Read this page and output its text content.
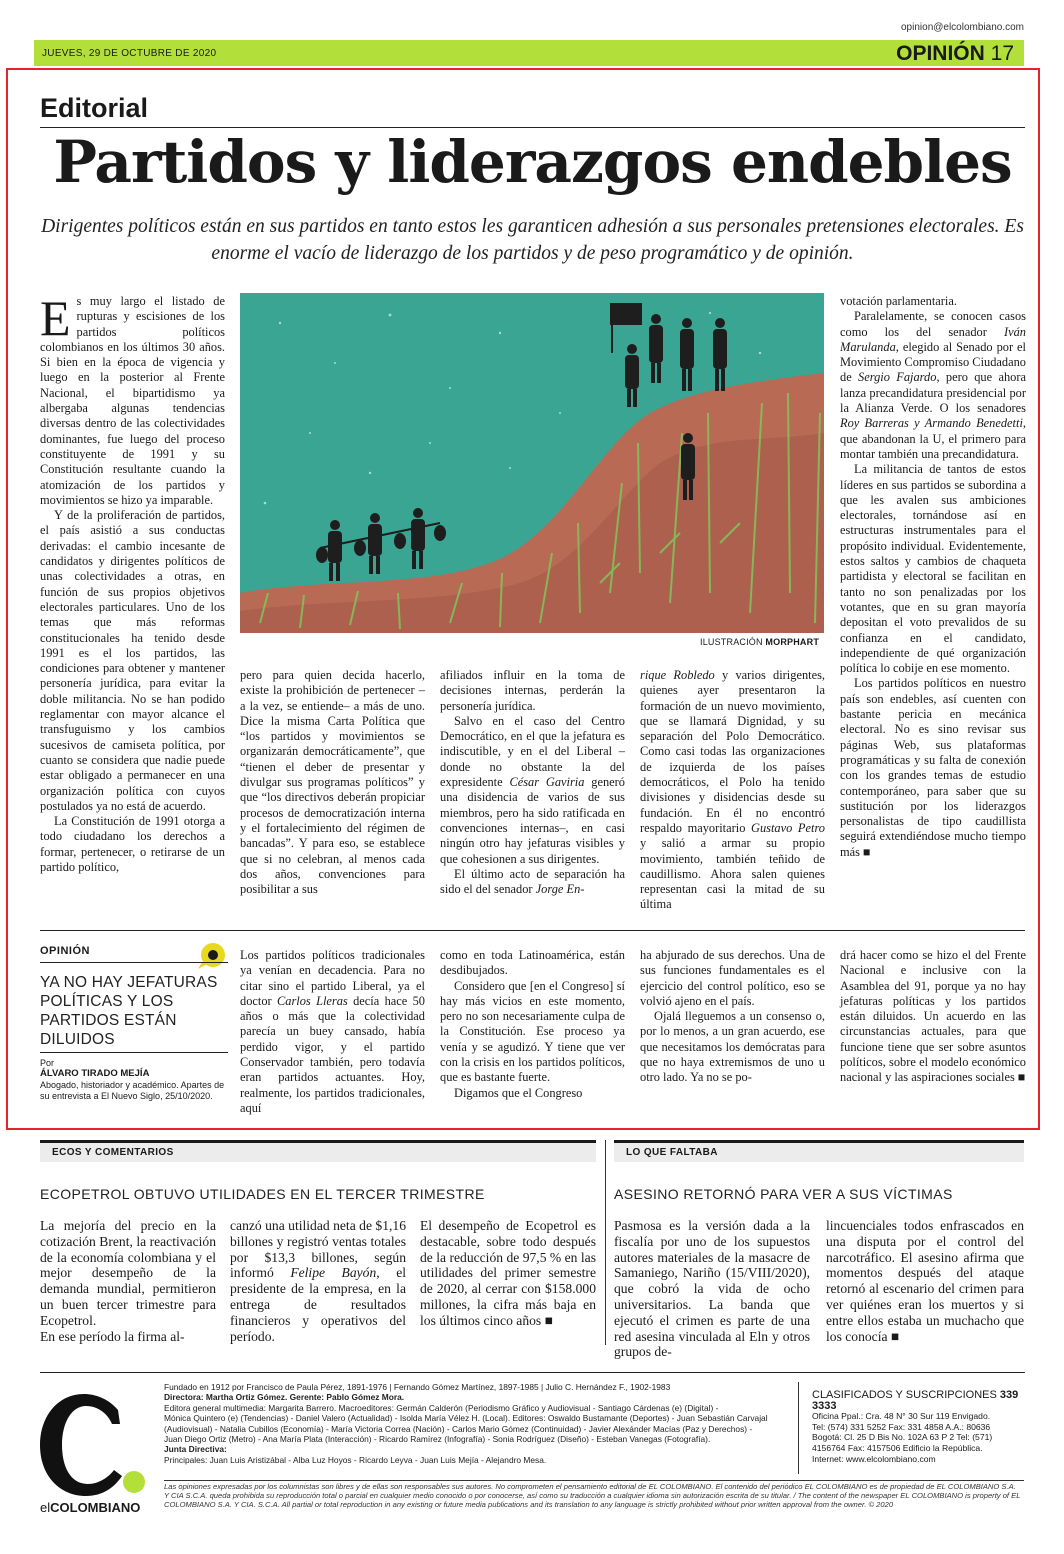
opinion@elcolombiano.com
JUEVES, 29 DE OCTUBRE DE 2020	OPINIÓN 17
Editorial
Partidos y liderazgos endebles
Dirigentes políticos están en sus partidos en tanto estos les garanticen adhesión a sus personales pretensiones electorales. Es enorme el vacío de liderazgo de los partidos y de peso programático y de opinión.

Es muy largo el listado de rupturas y escisiones de los partidos políticos colombianos en los últimos 30 años. Si bien en la época de vigencia y luego en la posterior al Frente Nacional, el bipartidismo ya albergaba algunas tendencias diversas dentro de las colectividades dominantes, fue luego del proceso constituyente de 1991 y su Constitución resultante cuando la atomización de los partidos y movimientos se hizo ya imparable.

Y de la proliferación de partidos, el país asistió a sus conductas derivadas: el cambio incesante de candidatos y dirigentes políticos de unas colectividades a otras, en función de sus propios objetivos electorales particulares. Uno de los temas que más reformas constitucionales ha tenido desde 1991 es el los partidos, las condiciones para obtener y mantener personería jurídica, para evitar la doble militancia. No se han podido reglamentar con mayor alcance el transfuguismo y los cambios sucesivos de camiseta política, por cuanto se considera que nadie puede estar obligado a permanecer en una organización política con cuyos postulados ya no está de acuerdo.

La Constitución de 1991 otorga a todo ciudadano los derechos a formar, pertenecer, o retirarse de un partido político,

ILUSTRACIÓN MORPHART

pero para quien decida hacerlo, existe la prohibición de pertenecer –a la vez, se entiende– a más de uno. Dice la misma Carta Política que “los partidos y movimientos se organizarán democráticamente”, que “tienen el deber de presentar y divulgar sus programas políticos” y que “los directivos deberán propiciar procesos de democratización interna y el fortalecimiento del régimen de bancadas”. Y para eso, se establece que si no celebran, al menos cada dos años, convenciones para posibilitar a sus

afiliados influir en la toma de decisiones internas, perderán la personería jurídica.

Salvo en el caso del Centro Democrático, en el que la jefatura es indiscutible, y en el del Liberal –donde no obstante la del expresidente César Gaviria generó una disidencia de varios de sus miembros, pero ha sido ratificada en convenciones internas–, en casi ningún otro hay jefaturas visibles y que cohesionen a sus dirigentes.

El último acto de separación ha sido el del senador Jorge En-

rique Robledo y varios dirigentes, quienes ayer presentaron la formación de un nuevo movimiento, que se llamará Dignidad, y su separación del Polo Democrático. Como casi todas las organizaciones de izquierda de los países democráticos, el Polo ha tenido divisiones y disidencias desde su fundación. En él no encontró respaldo mayoritario Gustavo Petro y salió a armar su propio movimiento, también teñido de caudillismo. Ahora salen quienes representan casi la mitad de su última

votación parlamentaria.

Paralelamente, se conocen casos como los del senador Iván Marulanda, elegido al Senado por el Movimiento Compromiso Ciudadano de Sergio Fajardo, pero que ahora lanza precandidatura presidencial por la Alianza Verde. O los senadores Roy Barreras y Armando Benedetti, que abandonan la U, el primero para montar también una precandidatura.

La militancia de tantos de estos líderes en sus partidos se subordina a que les avalen sus ambiciones electorales, tornándose así en estructuras instrumentales para el propósito individual. Evidentemente, estos saltos y cambios de chaqueta partidista y electoral se facilitan en tanto no son penalizadas por los votantes, que en su gran mayoría depositan el voto prevalidos de su confianza en el candidato, independiente de qué organización política lo cobije en ese momento.

Los partidos políticos en nuestro país son endebles, así cuenten con bastante pericia en mecánica electoral. No es sino revisar sus páginas Web, sus plataformas programáticas y su falta de conexión con los grandes temas de estudio contemporáneo, para saber que su sustitución por los liderazgos personalistas de tipo caudillista seguirá extendiéndose mucho tiempo más ■

OPINIÓN
YA NO HAY JEFATURAS POLÍTICAS Y LOS PARTIDOS ESTÁN DILUIDOS
Por
ÁLVARO TIRADO MEJÍA
Abogado, historiador y académico. Apartes de su entrevista a El Nuevo Siglo, 25/10/2020.

Los partidos políticos tradicionales ya venían en decadencia. Para no citar sino el partido Liberal, ya el doctor Carlos Lleras decía hace 50 años o más que la colectividad parecía un buey cansado, había perdido vigor, y el partido Conservador también, pero todavía eran partidos actuantes. Hoy, realmente, los partidos tradicionales, aquí

como en toda Latinoamérica, están desdibujados.

Considero que [en el Congreso] sí hay más vicios en este momento, pero no son necesariamente culpa de la Constitución. Ese proceso ya venía y se agudizó. Y tiene que ver con la crisis en los partidos políticos, que es bastante fuerte.

Digamos que el Congreso

ha abjurado de sus derechos. Una de sus funciones fundamentales es el ejercicio del control político, eso se volvió ajeno en el país.

Ojalá lleguemos a un consenso o, por lo menos, a un gran acuerdo, ese que necesitamos los demócratas para que no haya extremismos de uno u otro lado. Ya no se po-

drá hacer como se hizo el del Frente Nacional e inclusive con la Asamblea del 91, porque ya no hay jefaturas políticas y los partidos están diluidos. Un acuerdo en las circunstancias actuales, para que funcione tiene que ser sobre asuntos políticos, sobre el modelo económico nacional y las aspiraciones sociales ■

ECOS Y COMENTARIOS
ECOPETROL OBTUVO UTILIDADES EN EL TERCER TRIMESTRE

La mejoría del precio en la cotización Brent, la reactivación de la economía colombiana y el mejor desempeño de la demanda mundial, permitieron un buen tercer trimestre para Ecopetrol.

En ese período la firma al-

canzó una utilidad neta de $1,16 billones y registró ventas totales por $13,3 billones, según informó Felipe Bayón, el presidente de la empresa, en la entrega de resultados financieros y operativos del período.

El desempeño de Ecopetrol es destacable, sobre todo después de la reducción de 97,5 % en las utilidades del primer semestre de 2020, al cerrar con $158.000 millones, la cifra más baja en los últimos cinco años ■

LO QUE FALTABA
ASESINO RETORNÓ PARA VER A SUS VÍCTIMAS

Pasmosa es la versión dada a la fiscalía por uno de los supuestos autores materiales de la masacre de Samaniego, Nariño (15/VIII/2020), que cobró la vida de ocho universitarios. La banda que ejecutó el crimen es parte de una red asesina vinculada al Eln y otros grupos de-

lincuenciales todos enfrascados en una disputa por el control del narcotráfico. El asesino afirma que momentos después del ataque retornó al escenario del crimen para ver quiénes eran los muertos y si entre ellos estaba un muchacho que los conocía ■

elCOLOMBIANO
Fundado en 1912 por Francisco de Paula Pérez, 1891-1976 | Fernando Gómez Martínez, 1897-1985 | Julio C. Hernández F., 1902-1983
Directora: Martha Ortiz Gómez. Gerente: Pablo Gómez Mora.
Editora general multimedia: Margarita Barrero. Macroeditores: Germán Calderón (Periodismo Gráfico y Audiovisual - Santiago Cárdenas (e) (Digital) -
Mónica Quintero (e) (Tendencias) - Daniel Valero (Actualidad) - Isolda María Vélez H. (Local). Editores: Oswaldo Bustamante (Deportes) - Juan Sebastián Carvajal
(Audiovisual) - Natalia Cubillos (Economía) - María Victoria Correa (Nación) - Carlos Mario Gómez (Continuidad) - Javier Alexánder Macías (Paz y Derechos) -
Juan Diego Ortiz (Metro) - Ana María Plata (Interacción) - Ricardo Ramírez (Infografía) - Sonia Rodríguez (Diseño) - Esteban Vanegas (Fotografía).
Junta Directiva:
Principales: Juan Luis Aristizábal - Alba Luz Hoyos - Ricardo Leyva - Juan Luis Mejía - Alejandro Mesa.
CLASIFICADOS Y SUSCRIPCIONES 339 3333
Oficina Ppal.: Cra. 48 N° 30 Sur 119 Envigado.
Tel: (574) 331 5252 Fax: 331 4858 A.A.: 80636
Bogotá: Cl. 25 D Bis No. 102A 63 P 2 Tel: (571)
4156764 Fax: 4157506 Edificio la República.
Internet: www.elcolombiano.com
Las opiniones expresadas por los columnistas son libres y de ellas son responsables sus autores. No comprometen el pensamiento editorial de EL COLOMBIANO. El contenido del periódico EL COLOMBIANO es de propiedad de EL COLOMBIANO S.A. Y CIA S.C.A. queda prohibida su reproducción total o parcial en cualquier medio conocido o por conocerse, así como su traducción a cualquier idioma sin autorización escrita de su titular. / The content of the newspaper EL COLOMBIANO is property of EL COLOMBIANO S.A. Y CIA. S.C.A. All partial or total reproduction in any existing or future media publications and its translation to any language is strictly prohibited without prior written approval from the owner. © 2020
